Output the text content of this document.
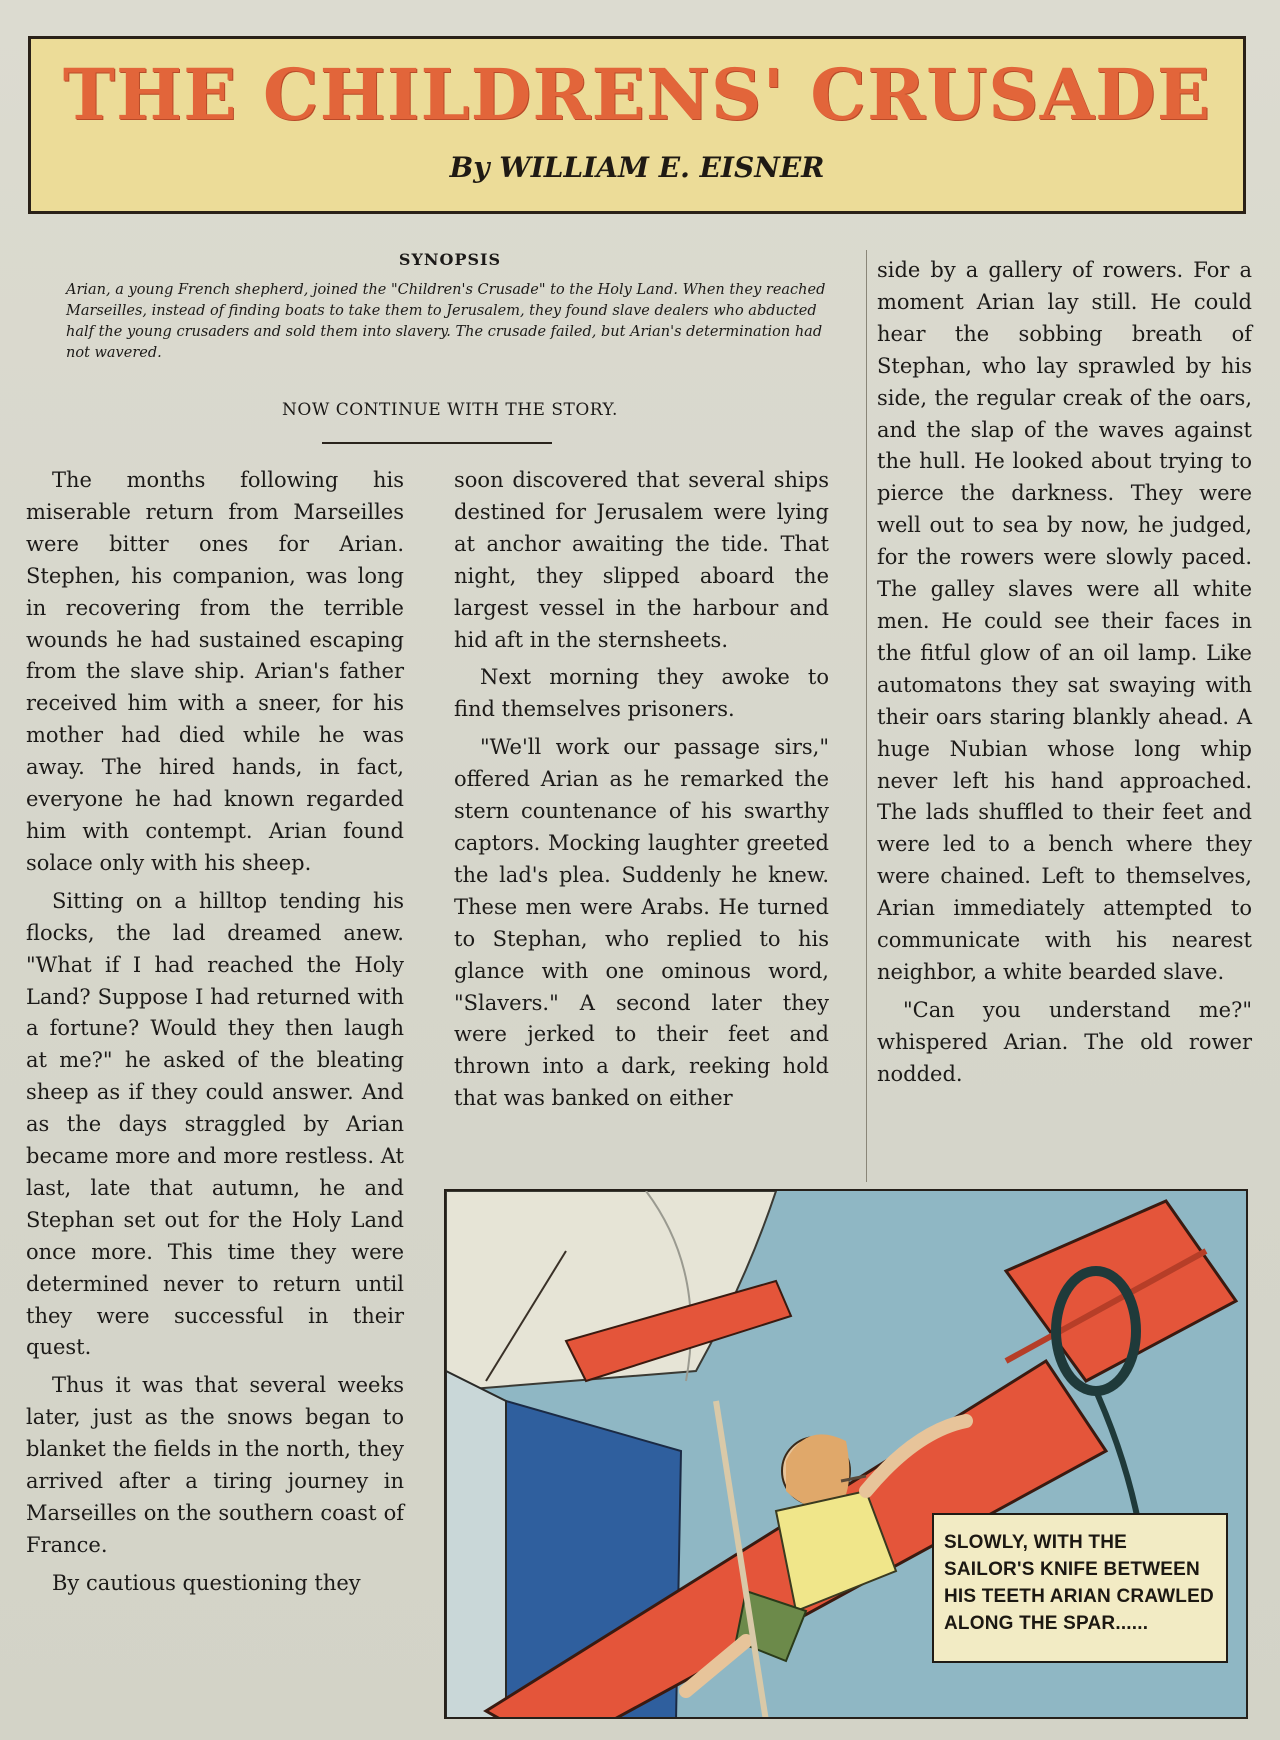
THE CHILDRENS' CRUSADE
By WILLIAM E. EISNER
SYNOPSIS
Arian, a young French shepherd, joined the "Children's Crusade" to the Holy Land. When they reached Marseilles, instead of finding boats to take them to Jerusalem, they found slave dealers who abducted half the young crusaders and sold them into slavery. The crusade failed, but Arian's determination had not wavered.
NOW CONTINUE WITH THE STORY.

The months following his miserable return from Marseilles were bitter ones for Arian. Stephen, his companion, was long in recovering from the terrible wounds he had sustained escaping from the slave ship. Arian's father received him with a sneer, for his mother had died while he was away. The hired hands, in fact, everyone he had known regarded him with contempt. Arian found solace only with his sheep.

Sitting on a hilltop tending his flocks, the lad dreamed anew. "What if I had reached the Holy Land? Suppose I had returned with a fortune? Would they then laugh at me?" he asked of the bleating sheep as if they could answer. And as the days straggled by Arian became more and more restless. At last, late that autumn, he and Stephan set out for the Holy Land once more. This time they were determined never to return until they were successful in their quest.

Thus it was that several weeks later, just as the snows began to blanket the fields in the north, they arrived after a tiring journey in Marseilles on the southern coast of France.

By cautious questioning they

soon discovered that several ships destined for Jerusalem were lying at anchor awaiting the tide. That night, they slipped aboard the largest vessel in the harbour and hid aft in the sternsheets.

Next morning they awoke to find themselves prisoners.

"We'll work our passage sirs," offered Arian as he remarked the stern countenance of his swarthy captors. Mocking laughter greeted the lad's plea. Suddenly he knew. These men were Arabs. He turned to Stephan, who replied to his glance with one ominous word, "Slavers." A second later they were jerked to their feet and thrown into a dark, reeking hold that was banked on either

side by a gallery of rowers. For a moment Arian lay still. He could hear the sobbing breath of Stephan, who lay sprawled by his side, the regular creak of the oars, and the slap of the waves against the hull. He looked about trying to pierce the darkness. They were well out to sea by now, he judged, for the rowers were slowly paced. The galley slaves were all white men. He could see their faces in the fitful glow of an oil lamp. Like automatons they sat swaying with their oars staring blankly ahead. A huge Nubian whose long whip never left his hand approached. The lads shuffled to their feet and were led to a bench where they were chained. Left to themselves, Arian immediately attempted to communicate with his nearest neighbor, a white bearded slave.

"Can you understand me?" whispered Arian. The old rower nodded.

SLOWLY, WITH THE SAILOR'S KNIFE BETWEEN HIS TEETH ARIAN CRAWLED ALONG THE SPAR......
